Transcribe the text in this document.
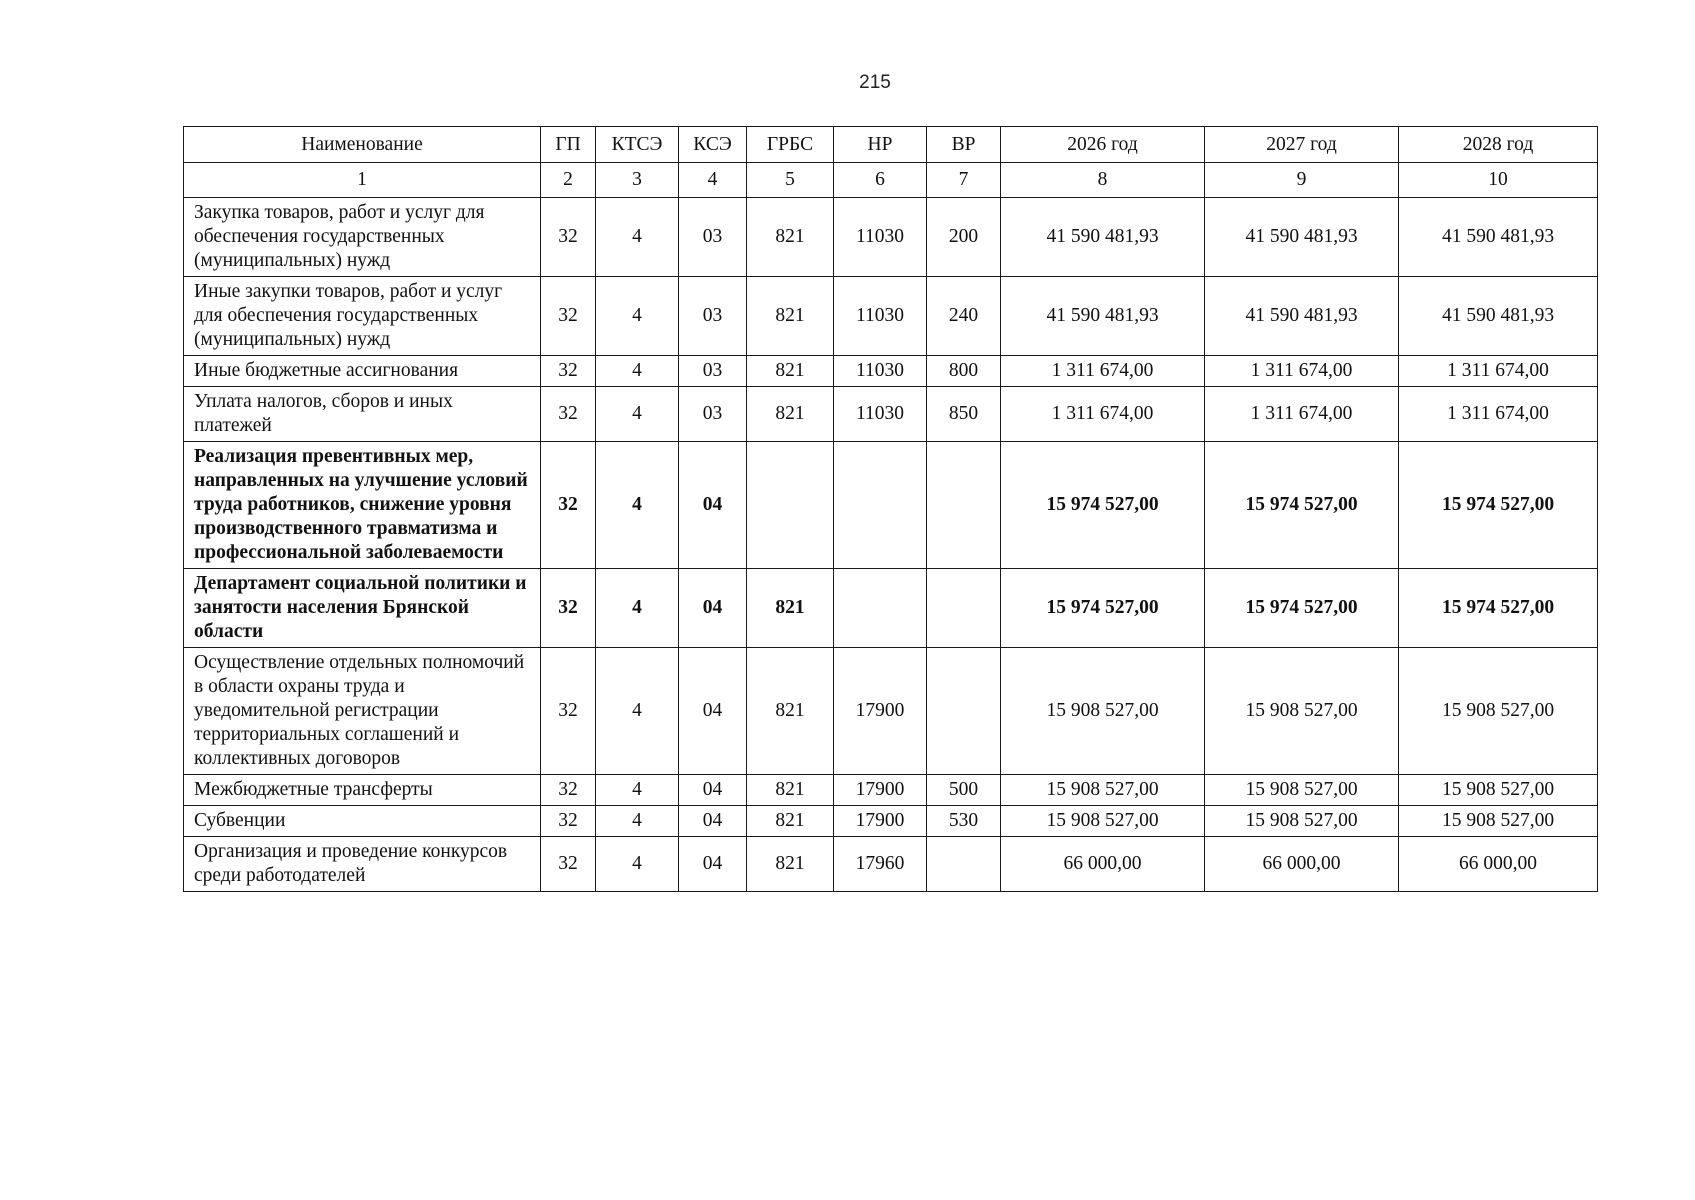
215
Наименование	ГП	КТСЭ	КСЭ	ГРБС	НР	ВР	2026 год	2027 год	2028 год
1	2	3	4	5	6	7	8	9	10
Закупка товаров, работ и услуг для обеспечения государственных (муниципальных) нужд	32	4	03	821	11030	200	41 590 481,93	41 590 481,93	41 590 481,93
Иные закупки товаров, работ и услуг для обеспечения государственных (муниципальных) нужд	32	4	03	821	11030	240	41 590 481,93	41 590 481,93	41 590 481,93
Иные бюджетные ассигнования	32	4	03	821	11030	800	1 311 674,00	1 311 674,00	1 311 674,00
Уплата налогов, сборов и иных платежей	32	4	03	821	11030	850	1 311 674,00	1 311 674,00	1 311 674,00
Реализация превентивных мер, направленных на улучшение условий труда работников, снижение уровня производственного травматизма и профессиональной заболеваемости	32	4	04				15 974 527,00	15 974 527,00	15 974 527,00
Департамент социальной политики и занятости населения Брянской области	32	4	04	821			15 974 527,00	15 974 527,00	15 974 527,00
Осуществление отдельных полномочий в области охраны труда и уведомительной регистрации территориальных соглашений и коллективных договоров	32	4	04	821	17900		15 908 527,00	15 908 527,00	15 908 527,00
Межбюджетные трансферты	32	4	04	821	17900	500	15 908 527,00	15 908 527,00	15 908 527,00
Субвенции	32	4	04	821	17900	530	15 908 527,00	15 908 527,00	15 908 527,00
Организация и проведение конкурсов среди работодателей	32	4	04	821	17960		66 000,00	66 000,00	66 000,00
